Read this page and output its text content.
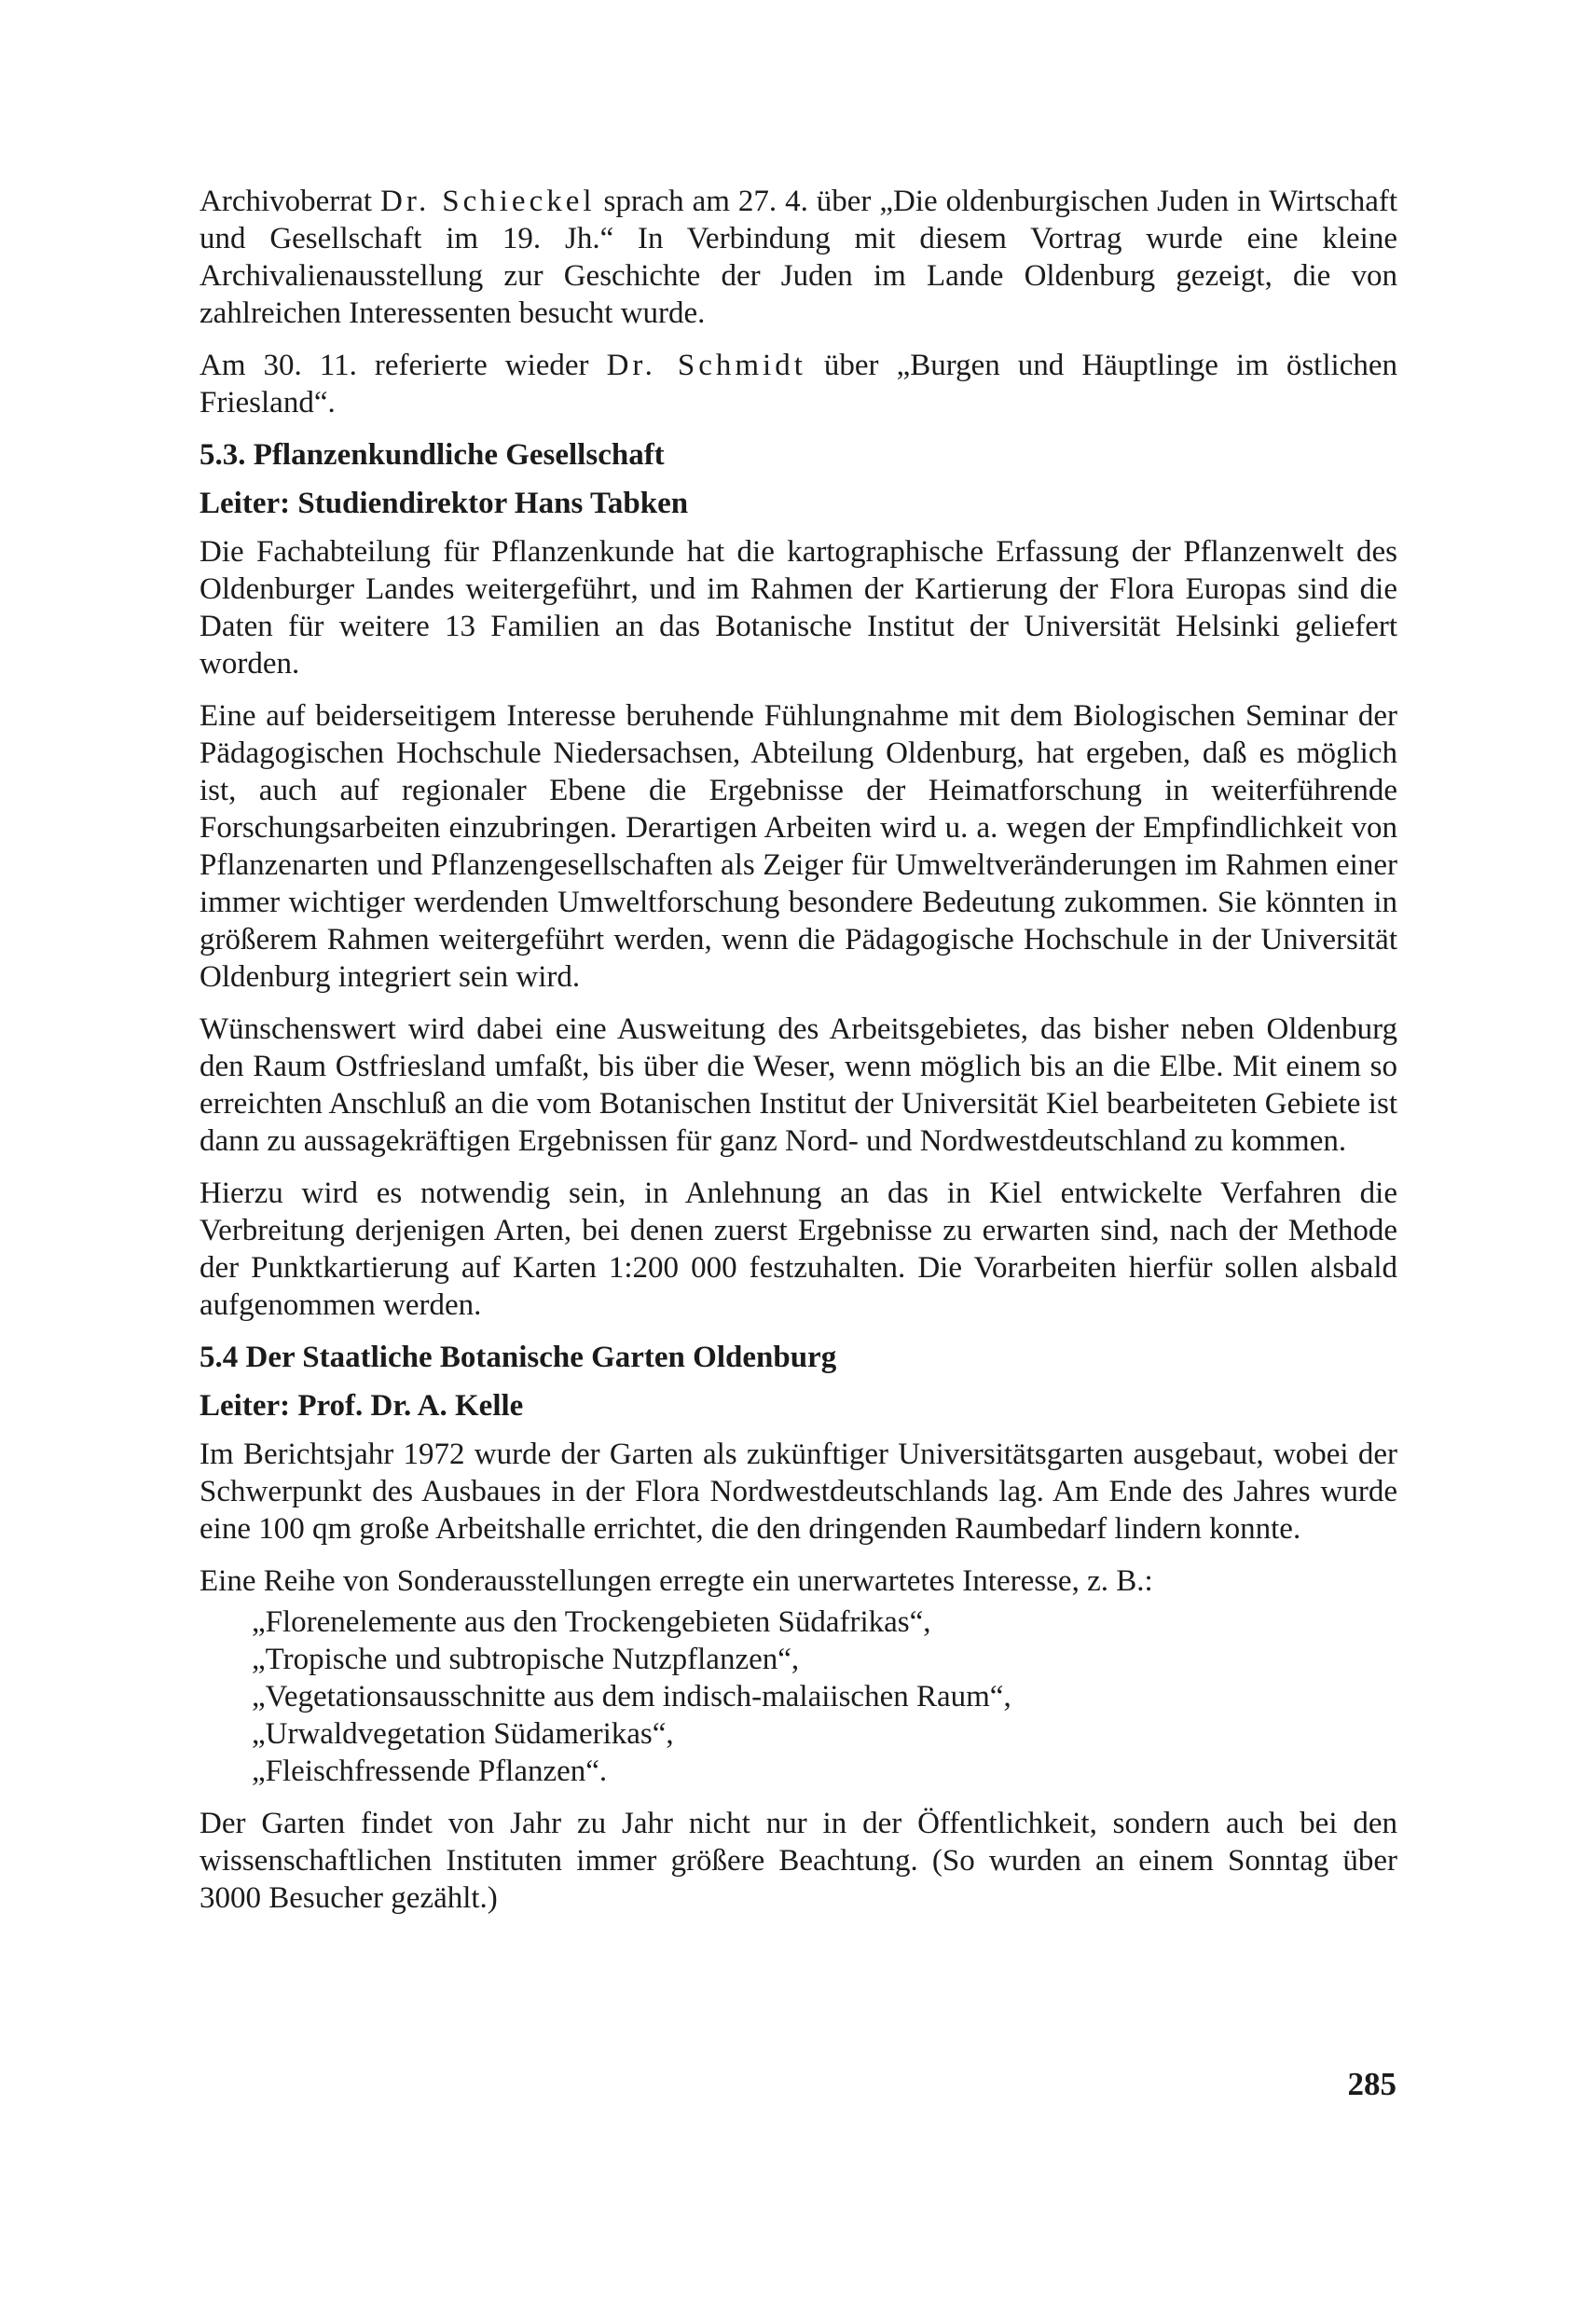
Archivoberrat Dr. Schieckel sprach am 27. 4. über „Die oldenburgischen Juden in Wirtschaft und Gesellschaft im 19. Jh.“ In Verbindung mit diesem Vortrag wurde eine kleine Archivalienausstellung zur Geschichte der Juden im Lande Oldenburg gezeigt, die von zahlreichen Interessenten besucht wurde.

Am 30. 11. referierte wieder Dr. Schmidt über „Burgen und Häuptlinge im östlichen Friesland“.

5.3. Pflanzenkundliche Gesellschaft
Leiter: Studiendirektor Hans Tabken

Die Fachabteilung für Pflanzenkunde hat die kartographische Erfassung der Pflanzenwelt des Oldenburger Landes weitergeführt, und im Rahmen der Kartierung der Flora Europas sind die Daten für weitere 13 Familien an das Botanische Institut der Universität Helsinki geliefert worden.

Eine auf beiderseitigem Interesse beruhende Fühlungnahme mit dem Biologischen Seminar der Pädagogischen Hochschule Niedersachsen, Abteilung Oldenburg, hat ergeben, daß es möglich ist, auch auf regionaler Ebene die Ergebnisse der Heimatforschung in weiterführende Forschungsarbeiten einzubringen. Derartigen Arbeiten wird u. a. wegen der Empfindlichkeit von Pflanzenarten und Pflanzengesellschaften als Zeiger für Umweltveränderungen im Rahmen einer immer wichtiger werdenden Umweltforschung besondere Bedeutung zukommen. Sie könnten in größerem Rahmen weitergeführt werden, wenn die Pädagogische Hochschule in der Universität Oldenburg integriert sein wird.

Wünschenswert wird dabei eine Ausweitung des Arbeitsgebietes, das bisher neben Oldenburg den Raum Ostfriesland umfaßt, bis über die Weser, wenn möglich bis an die Elbe. Mit einem so erreichten Anschluß an die vom Botanischen Institut der Universität Kiel bearbeiteten Gebiete ist dann zu aussagekräftigen Ergebnissen für ganz Nord- und Nordwestdeutschland zu kommen.

Hierzu wird es notwendig sein, in Anlehnung an das in Kiel entwickelte Verfahren die Verbreitung derjenigen Arten, bei denen zuerst Ergebnisse zu erwarten sind, nach der Methode der Punktkartierung auf Karten 1:200 000 festzuhalten. Die Vorarbeiten hierfür sollen alsbald aufgenommen werden.

5.4 Der Staatliche Botanische Garten Oldenburg
Leiter: Prof. Dr. A. Kelle

Im Berichtsjahr 1972 wurde der Garten als zukünftiger Universitätsgarten ausgebaut, wobei der Schwerpunkt des Ausbaues in der Flora Nordwestdeutschlands lag. Am Ende des Jahres wurde eine 100 qm große Arbeitshalle errichtet, die den dringenden Raumbedarf lindern konnte.

Eine Reihe von Sonderausstellungen erregte ein unerwartetes Interesse, z. B.:

„Florenelemente aus den Trockengebieten Südafrikas“,
„Tropische und subtropische Nutzpflanzen“,
„Vegetationsausschnitte aus dem indisch-malaiischen Raum“,
„Urwaldvegetation Südamerikas“,
„Fleischfressende Pflanzen“.

Der Garten findet von Jahr zu Jahr nicht nur in der Öffentlichkeit, sondern auch bei den wissenschaftlichen Instituten immer größere Beachtung. (So wurden an einem Sonntag über 3000 Besucher gezählt.)

285
